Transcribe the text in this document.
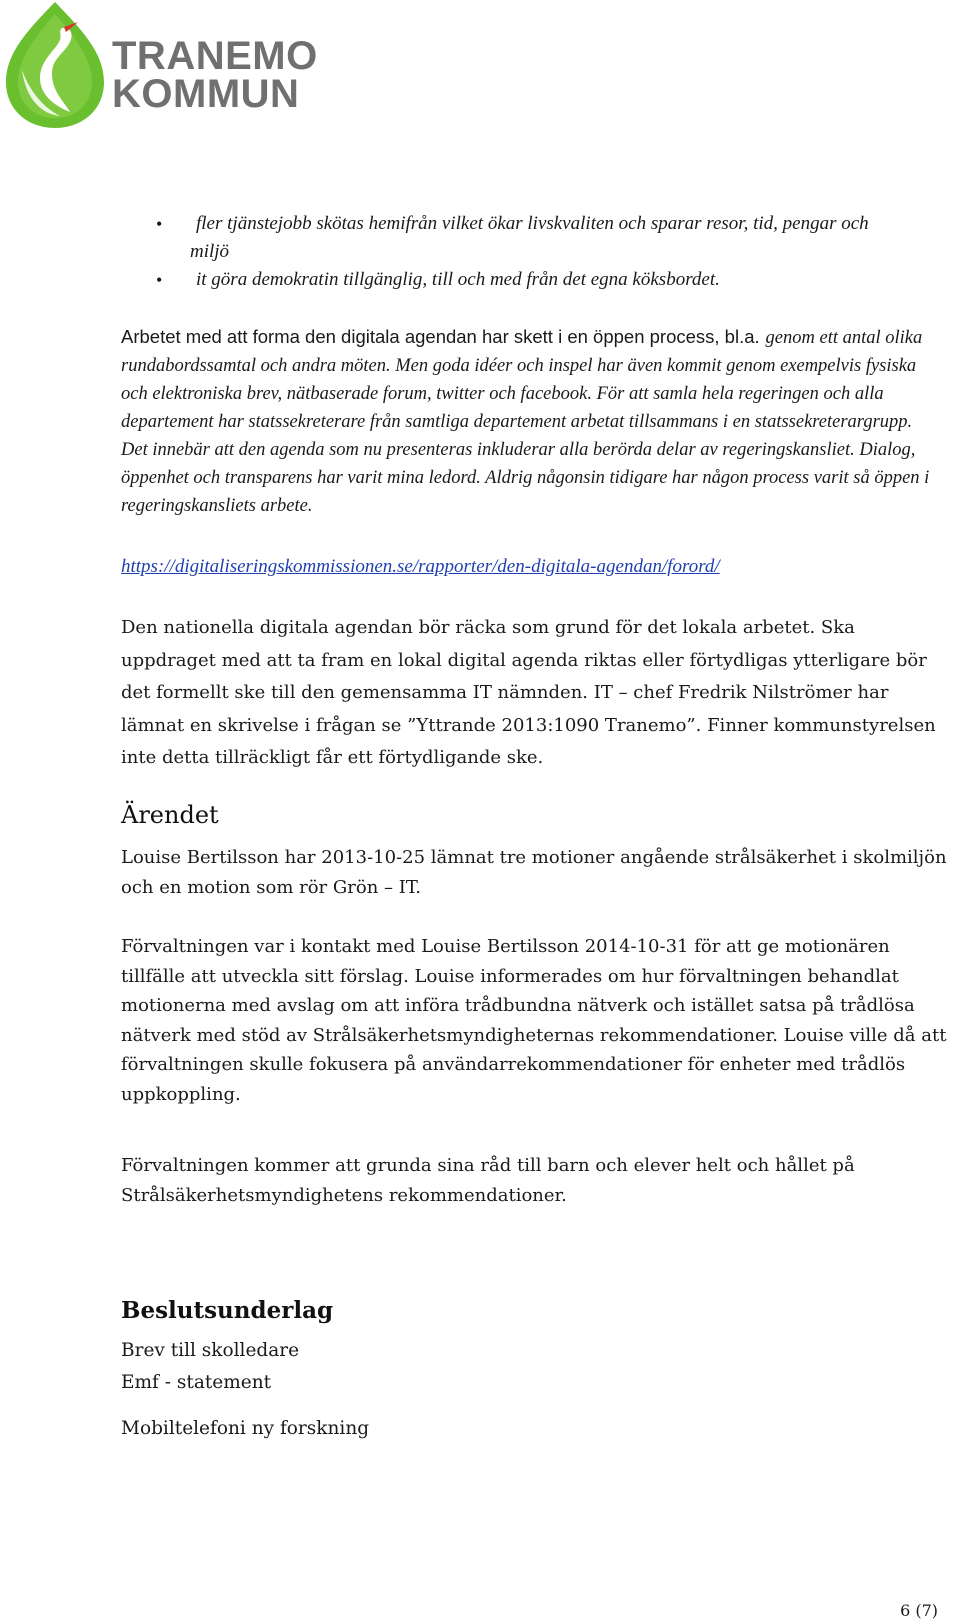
TRANEMO
KOMMUN
• fler tjänstejobb skötas hemifrån vilket ökar livskvaliten och sparar resor, tid, pengar och
miljö
• it göra demokratin tillgänglig, till och med från det egna köksbordet.
Arbetet med att forma den digitala agendan har skett i en öppen process, bl.a. genom ett antal olika rundabordssamtal och andra möten. Men goda idéer och inspel har även kommit genom exempelvis fysiska och elektroniska brev, nätbaserade forum, twitter och facebook. För att samla hela regeringen och alla departement har statssekreterare från samtliga departement arbetat tillsammans i en statssekreterargrupp. Det innebär att den agenda som nu presenteras inkluderar alla berörda delar av regeringskansliet. Dialog, öppenhet och transparens har varit mina ledord. Aldrig någonsin tidigare har någon process varit så öppen i regeringskansliets arbete.
https://digitaliseringskommissionen.se/rapporter/den-digitala-agendan/forord/
Den nationella digitala agendan bör räcka som grund för det lokala arbetet. Ska uppdraget med att ta fram en lokal digital agenda riktas eller förtydligas ytterligare bör det formellt ske till den gemensamma IT nämnden. IT – chef Fredrik Nilströmer har lämnat en skrivelse i frågan se ”Yttrande 2013:1090 Tranemo”. Finner kommunstyrelsen inte detta tillräckligt får ett förtydligande ske.
Ärendet
Louise Bertilsson har 2013-10-25 lämnat tre motioner angående strålsäkerhet i skolmiljön och en motion som rör Grön – IT.
Förvaltningen var i kontakt med Louise Bertilsson 2014-10-31 för att ge motionären tillfälle att utveckla sitt förslag. Louise informerades om hur förvaltningen behandlat motionerna med avslag om att införa trådbundna nätverk och istället satsa på trådlösa nätverk med stöd av Strålsäkerhetsmyndigheternas rekommendationer. Louise ville då att förvaltningen skulle fokusera på användarrekommendationer för enheter med trådlös uppkoppling.
Förvaltningen kommer att grunda sina råd till barn och elever helt och hållet på Strålsäkerhetsmyndighetens rekommendationer.
Beslutsunderlag
Brev till skolledare
Emf - statement
Mobiltelefoni ny forskning
6 (7)
